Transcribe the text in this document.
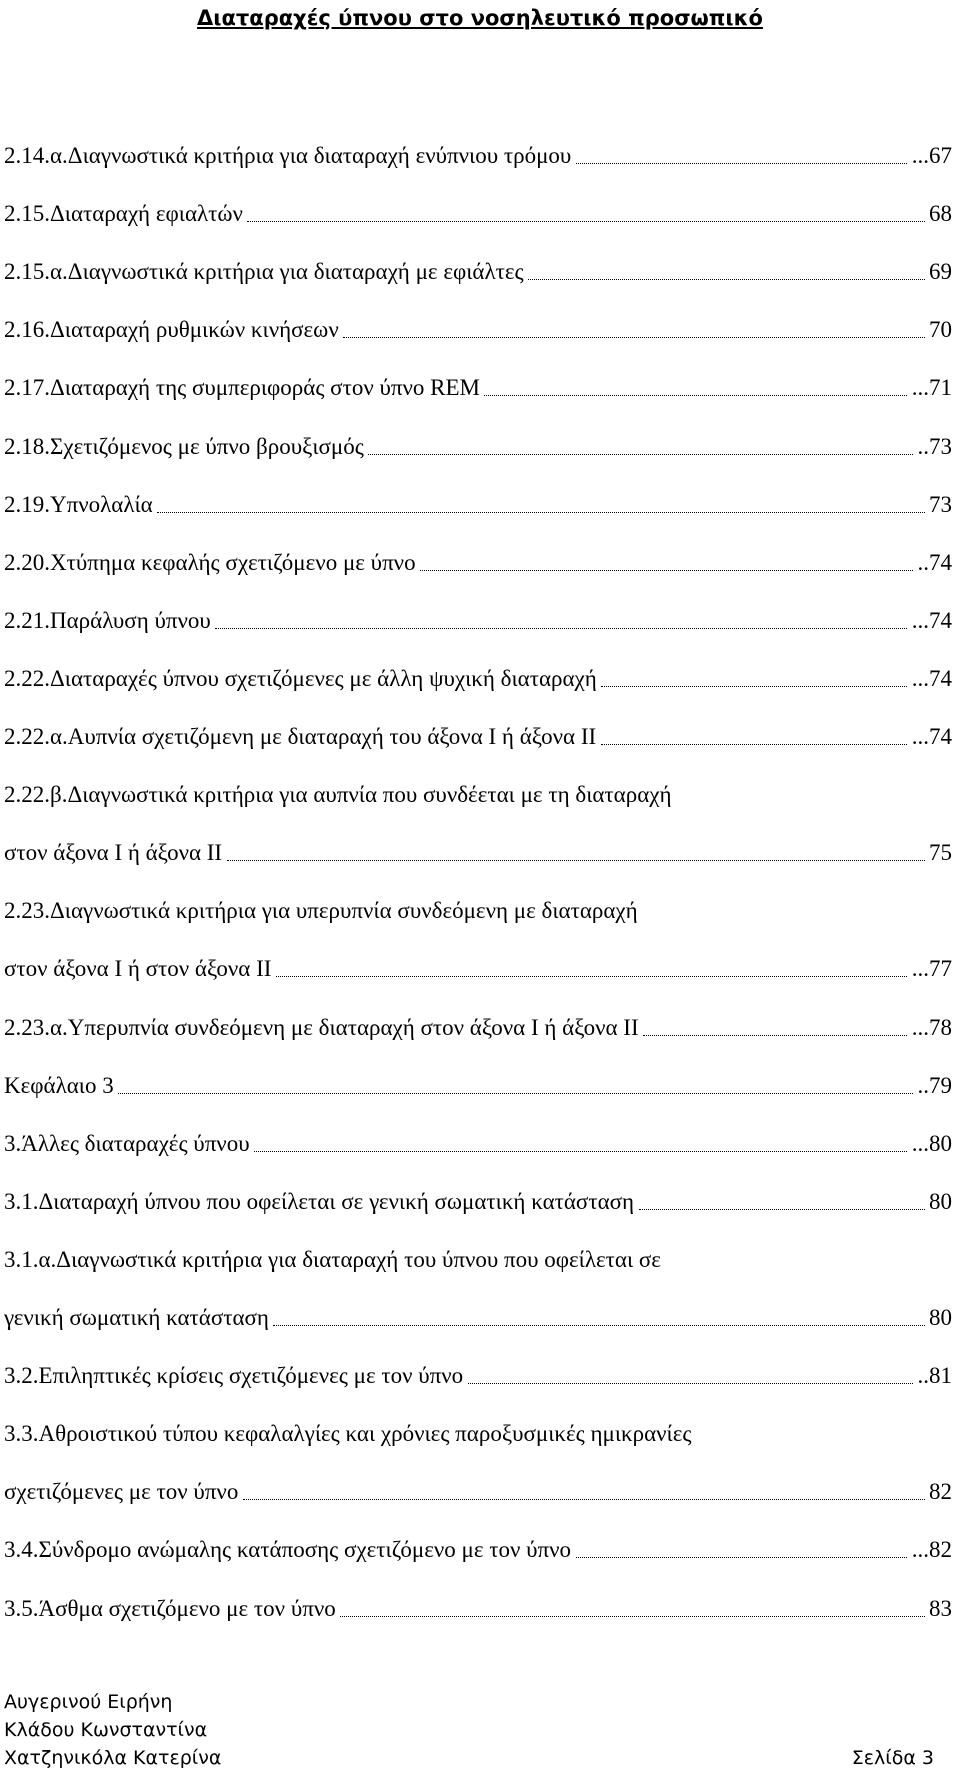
Διαταραχές ύπνου στο νοσηλευτικό προσωπικό
2.14.α.Διαγνωστικά κριτήρια για διαταραχή ενύπνιου τρόμου	...67
2.15.Διαταραχή εφιαλτών	68
2.15.α.Διαγνωστικά κριτήρια για διαταραχή με εφιάλτες	69
2.16.Διαταραχή ρυθμικών κινήσεων	70
2.17.Διαταραχή της συμπεριφοράς στον ύπνο REM	...71
2.18.Σχετιζόμενος με ύπνο βρουξισμός	..73
2.19.Υπνολαλία	73
2.20.Χτύπημα κεφαλής σχετιζόμενο με ύπνο	..74
2.21.Παράλυση ύπνου	...74
2.22.Διαταραχές ύπνου σχετιζόμενες με άλλη ψυχική διαταραχή	...74
2.22.α.Αυπνία σχετιζόμενη με διαταραχή του άξονα Ι ή άξονα ΙΙ	...74
2.22.β.Διαγνωστικά κριτήρια για αυπνία που συνδέεται με τη διαταραχή
στον άξονα Ι ή άξονα ΙΙ	75
2.23.Διαγνωστικά κριτήρια για υπερυπνία συνδεόμενη με διαταραχή
στον άξονα Ι ή στον άξονα ΙΙ	...77
2.23.α.Υπερυπνία συνδεόμενη με διαταραχή στον άξονα Ι ή άξονα ΙΙ	...78
Κεφάλαιο 3	..79
3.Άλλες διαταραχές ύπνου	...80
3.1.Διαταραχή ύπνου που οφείλεται σε γενική σωματική κατάσταση	80
3.1.α.Διαγνωστικά κριτήρια για διαταραχή του ύπνου που οφείλεται σε
γενική σωματική κατάσταση	80
3.2.Επιληπτικές κρίσεις σχετιζόμενες με τον ύπνο	..81
3.3.Αθροιστικού τύπου κεφαλαλγίες και χρόνιες παροξυσμικές ημικρανίες
σχετιζόμενες με τον ύπνο	82
3.4.Σύνδρομο ανώμαλης κατάποσης σχετιζόμενο με τον ύπνο	...82
3.5.Άσθμα σχετιζόμενο με τον ύπνο	83
Αυγερινού Ειρήνη
Κλάδου Κωνσταντίνα
Χατζηνικόλα Κατερίνα	Σελίδα 3
